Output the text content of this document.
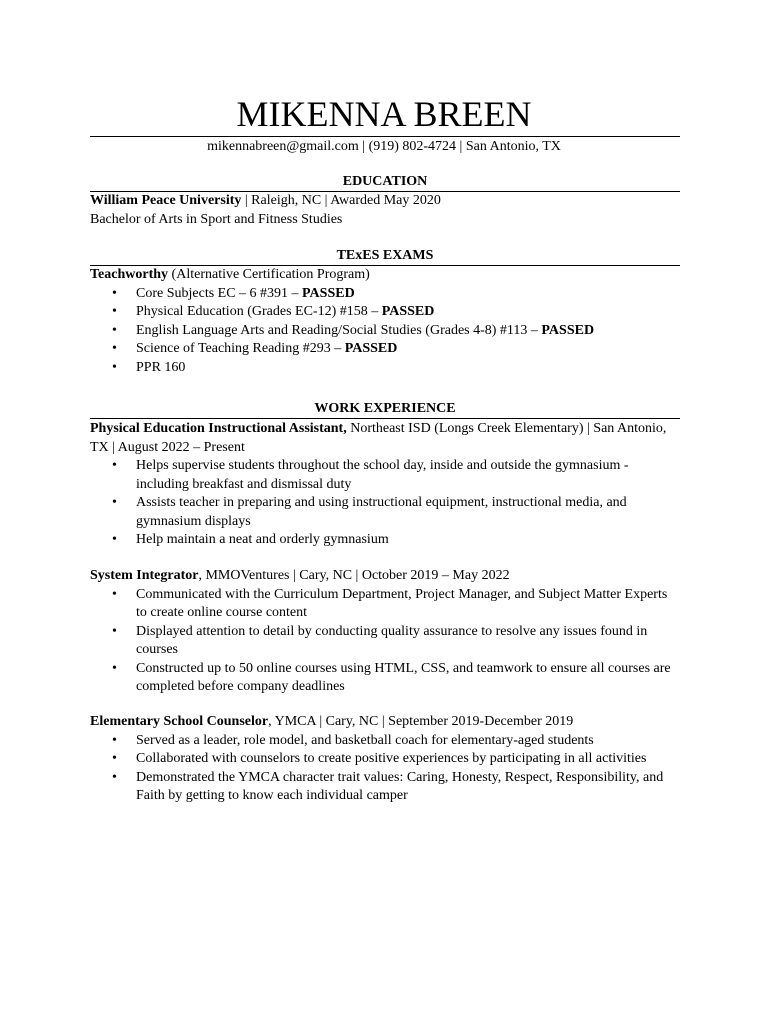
MIKENNA BREEN
mikennabreen@gmail.com | (919) 802-4724 | San Antonio, TX
EDUCATION
William Peace University | Raleigh, NC | Awarded May 2020
Bachelor of Arts in Sport and Fitness Studies
TExES EXAMS
Teachworthy (Alternative Certification Program)
• Core Subjects EC – 6 #391 – PASSED
• Physical Education (Grades EC-12) #158 – PASSED
• English Language Arts and Reading/Social Studies (Grades 4-8) #113 – PASSED
• Science of Teaching Reading #293 – PASSED
• PPR 160
WORK EXPERIENCE
Physical Education Instructional Assistant, Northeast ISD (Longs Creek Elementary) | San Antonio, TX | August 2022 – Present
• Helps supervise students throughout the school day, inside and outside the gymnasium - including breakfast and dismissal duty
• Assists teacher in preparing and using instructional equipment, instructional media, and gymnasium displays
• Help maintain a neat and orderly gymnasium
System Integrator, MMOVentures | Cary, NC | October 2019 – May 2022
• Communicated with the Curriculum Department, Project Manager, and Subject Matter Experts to create online course content
• Displayed attention to detail by conducting quality assurance to resolve any issues found in courses
• Constructed up to 50 online courses using HTML, CSS, and teamwork to ensure all courses are completed before company deadlines
Elementary School Counselor, YMCA | Cary, NC | September 2019-December 2019
• Served as a leader, role model, and basketball coach for elementary-aged students
• Collaborated with counselors to create positive experiences by participating in all activities
• Demonstrated the YMCA character trait values: Caring, Honesty, Respect, Responsibility, and Faith by getting to know each individual camper
